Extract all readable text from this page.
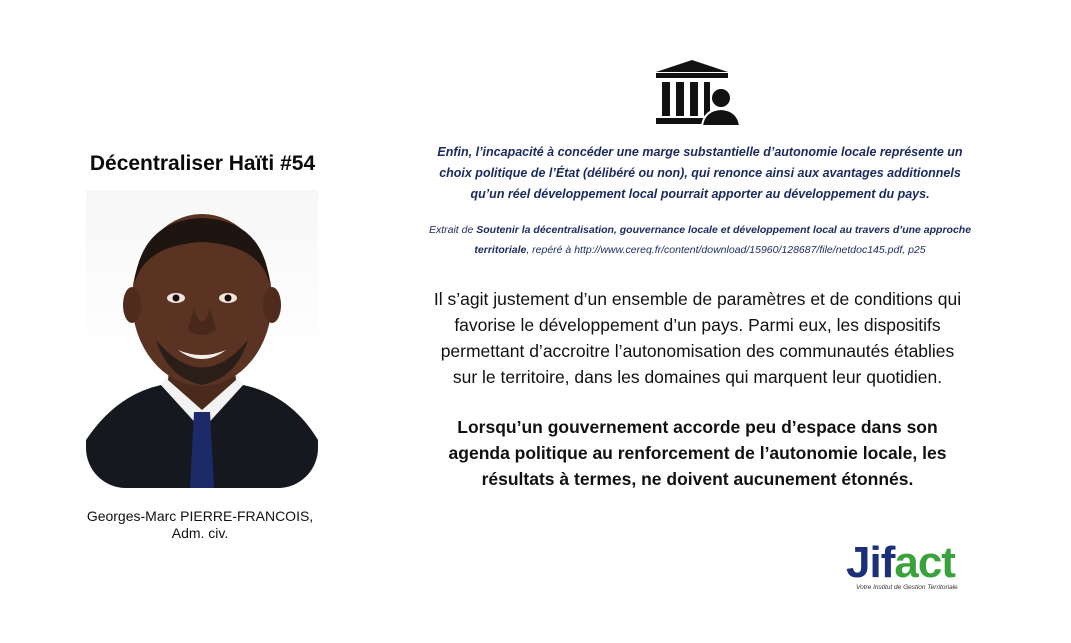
Décentraliser Haïti #54
Georges-Marc PIERRE-FRANCOIS,
Adm. civ.
Enfin, l’incapacité à concéder une marge substantielle d’autonomie locale représente un
choix politique de l’État (délibéré ou non), qui renonce ainsi aux avantages additionnels
qu’un réel développement local pourrait apporter au développement du pays.
Extrait de Soutenir la décentralisation, gouvernance locale et développement local au travers d’une approche
territoriale, repéré à http://www.cereq.fr/content/download/15960/128687/file/netdoc145.pdf, p25
Il s’agit justement d’un ensemble de paramètres et de conditions qui
favorise le développement d’un pays. Parmi eux, les dispositifs
permettant d’accroitre l’autonomisation des communautés établies
sur le territoire, dans les domaines qui marquent leur quotidien.
Lorsqu’un gouvernement accorde peu d’espace dans son
agenda politique au renforcement de l’autonomie locale, les
résultats à termes, ne doivent aucunement étonnés.
Jifact
Votre Institut de Gestion Territoriale
